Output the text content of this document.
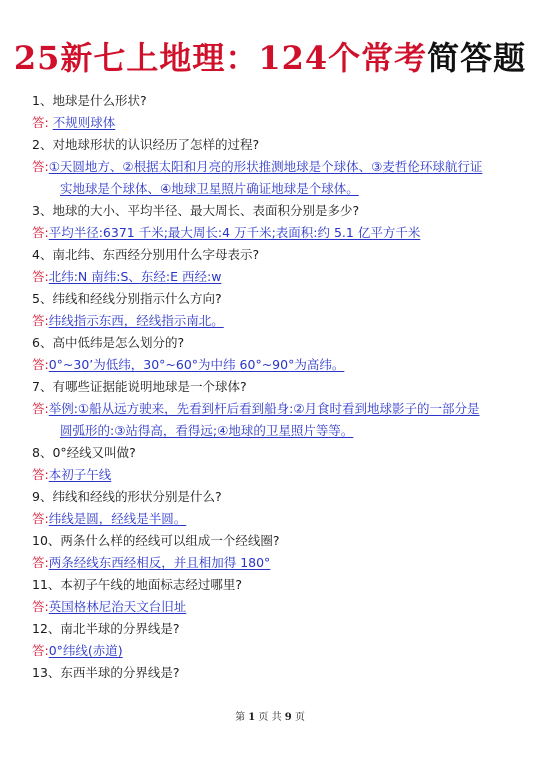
25新七上地理：124个常考简答题
1、地球是什么形状?
答: 不规则球体
2、对地球形状的认识经历了怎样的过程?
答:①天圆地方、②根据太阳和月亮的形状推测地球是个球体、③麦哲伦环球航行证
实地球是个球体、④地球卫星照片确证地球是个球体。
3、地球的大小、平均半径、最大周长、表面积分别是多少?
答:平均半径:6371 千米;最大周长:4 万千米;表面积:约 5.1 亿平方千米
4、南北纬、东西经分别用什么字母表示?
答:北纬:N 南纬:S、东经:E 西经:w
5、纬线和经线分别指示什么方向?
答:纬线指示东西，经线指示南北。
6、高中低纬是怎么划分的?
答:0°~30’为低纬，30°~60°为中纬 60°~90°为高纬。
7、有哪些证据能说明地球是一个球体?
答:举例:①船从远方驶来，先看到杆后看到船身:②月食时看到地球影子的一部分是
圆弧形的:③站得高，看得远;④地球的卫星照片等等。
8、0°经线又叫做?
答:本初子午线
9、纬线和经线的形状分别是什么?
答:纬线是圆，经线是半圆。
10、两条什么样的经线可以组成一个经线圈?
答:两条经线东西经相反，并且相加得 180°
11、本初子午线的地面标志经过哪里?
答:英国格林尼治天文台旧址
12、南北半球的分界线是?
答:0°纬线(赤道)
13、东西半球的分界线是?
第 1 页 共 9 页
